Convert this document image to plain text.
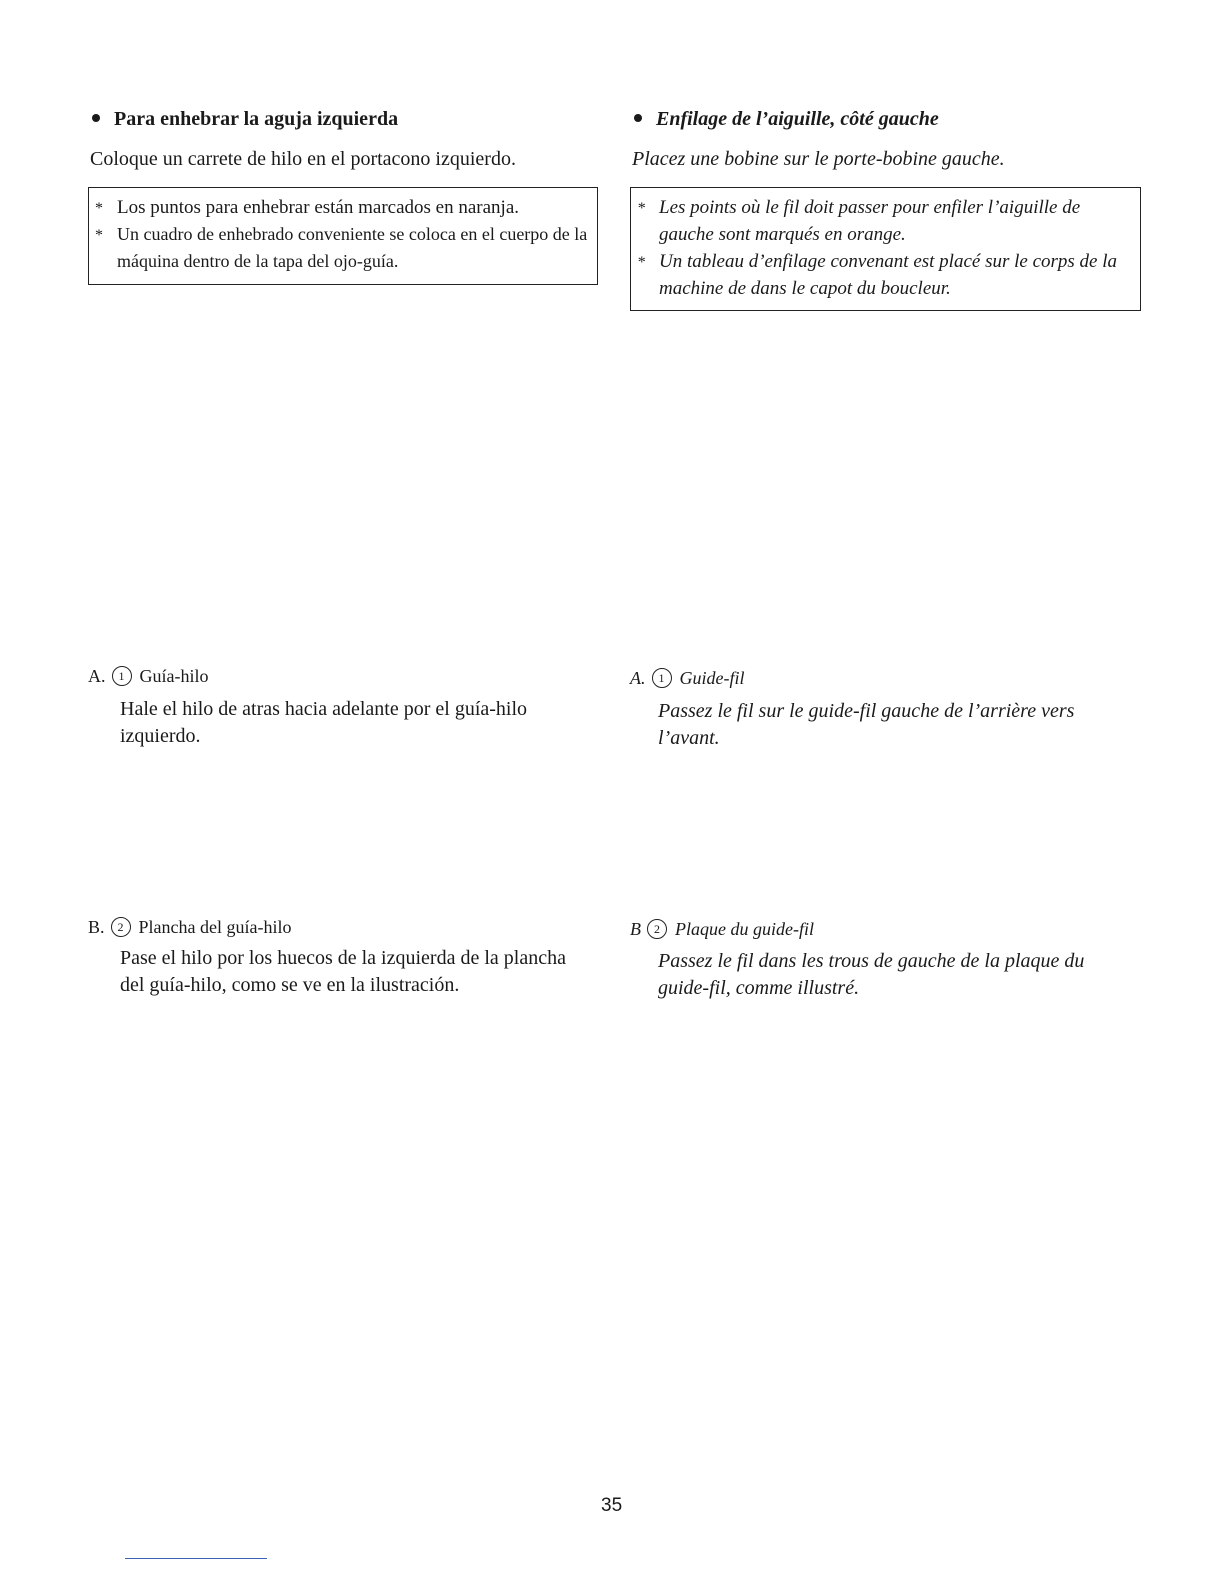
Para enhebrar la aguja izquierda
Coloque un carrete de hilo en el portacono izquierdo.
* Los puntos para enhebrar están marcados en naranja.
* Un cuadro de enhebrado conveniente se coloca en el cuerpo de la máquina dentro de la tapa del ojo-guía.
A. 1 Guía-hilo
Hale el hilo de atras hacia adelante por el guía-hilo izquierdo.
B. 2 Plancha del guía-hilo
Pase el hilo por los huecos de la izquierda de la plancha del guía-hilo, como se ve en la ilustración.
Enfilage de l’aiguille, côté gauche
Placez une bobine sur le porte-bobine gauche.
* Les points où le fil doit passer pour enfiler l’aiguille de gauche sont marqués en orange.
* Un tableau d’enfilage convenant est placé sur le corps de la machine de dans le capot du boucleur.
A. 1 Guide-fil
Passez le fil sur le guide-fil gauche de l’arrière vers l’avant.
B 2 Plaque du guide-fil
Passez le fil dans les trous de gauche de la plaque du guide-fil, comme illustré.
35
